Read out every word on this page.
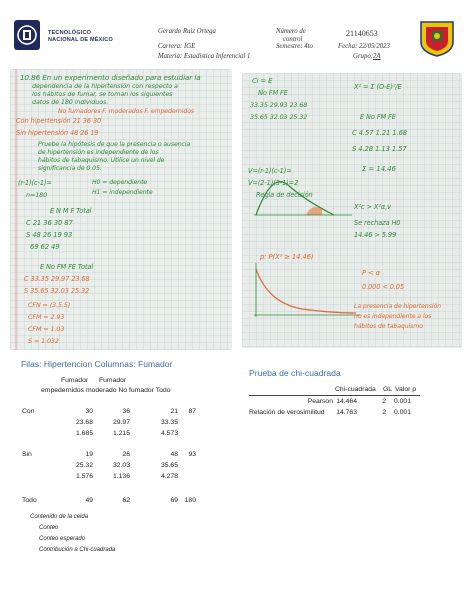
TECNOLÓGICO
NACIONAL DE MÉXICO
Gerardo Ruiz Ortega
Carrera: IGE
Materia: Estadística Inferencial 1
Número de
control
21140653
Semestre: 4to	Fecha: 22/05/2023
Grupo:2A
10.86 En un experimento diseñado para estudiar la
dependencia de la hipertensión con respecto a
los hábitos de fumar, se toman los siguientes
datos de 180 individuos.
No fumadores F. moderados F. empedernidos
Con hipertensión 21 36 30
Sin hipertensión 48 26 19
Pruebe la hipótesis de que la presencia o ausencia
de hipertensión es independiente de los
hábitos de tabaquismo. Utilice un nivel de
significancia de 0.05.
(r-1)(c-1)=
n=180
H0 = dependiente
H1 = independiente
E N M F Total
C 21 36 30 87
S 48 26 19 93
69 62 49
E No FM FE Total
C 33.35 29.97 23.68
S 35.65 32.03 25.32
CFN = (3.5.5)
CFM = 2.93
CFM = 1.03
S = 1.032
Ci = E
No FM FE
33.35 29.93 23.68
35.65 32.03 25.32
Χ² = Σ (O-E)²/E
E No FM FE
C 4.57 1.21 1.68
S 4.28 1.13 1.57
Σ = 14.46
V=(r-1)(c-1)=
V=(2-1)(3-1)=2
Regla de decisión
Χ²c > Χ²α,v
Se rechaza H0
14.46 > 5.99
p: P(Χ² ≥ 14.46)
P < α
0.000 < 0.05
La presencia de hipertensión
no es independiente a los
hábitos de tabaquismo
Filas: Hipertencion Columnas: Fumador
Fumador Fumador
empedernidos moderado No fumador Todo
Con	30	36	21 87
23.68	29.97	33.35
1.685	1.215	4.573
Sin	19	26	48 93
25.32	32.03	35.65
1.576	1.136	4.278
Todo	49	62	69 180
Contenido de la celda
Conteo
Conteo esperado
Contribución a Chi-cuadrada
Prueba de chi-cuadrada
Chi-cuadrada GL Valor p
Pearson 14.464	2 0.001
Relación de verosimilitud 14.763	2 0.001
